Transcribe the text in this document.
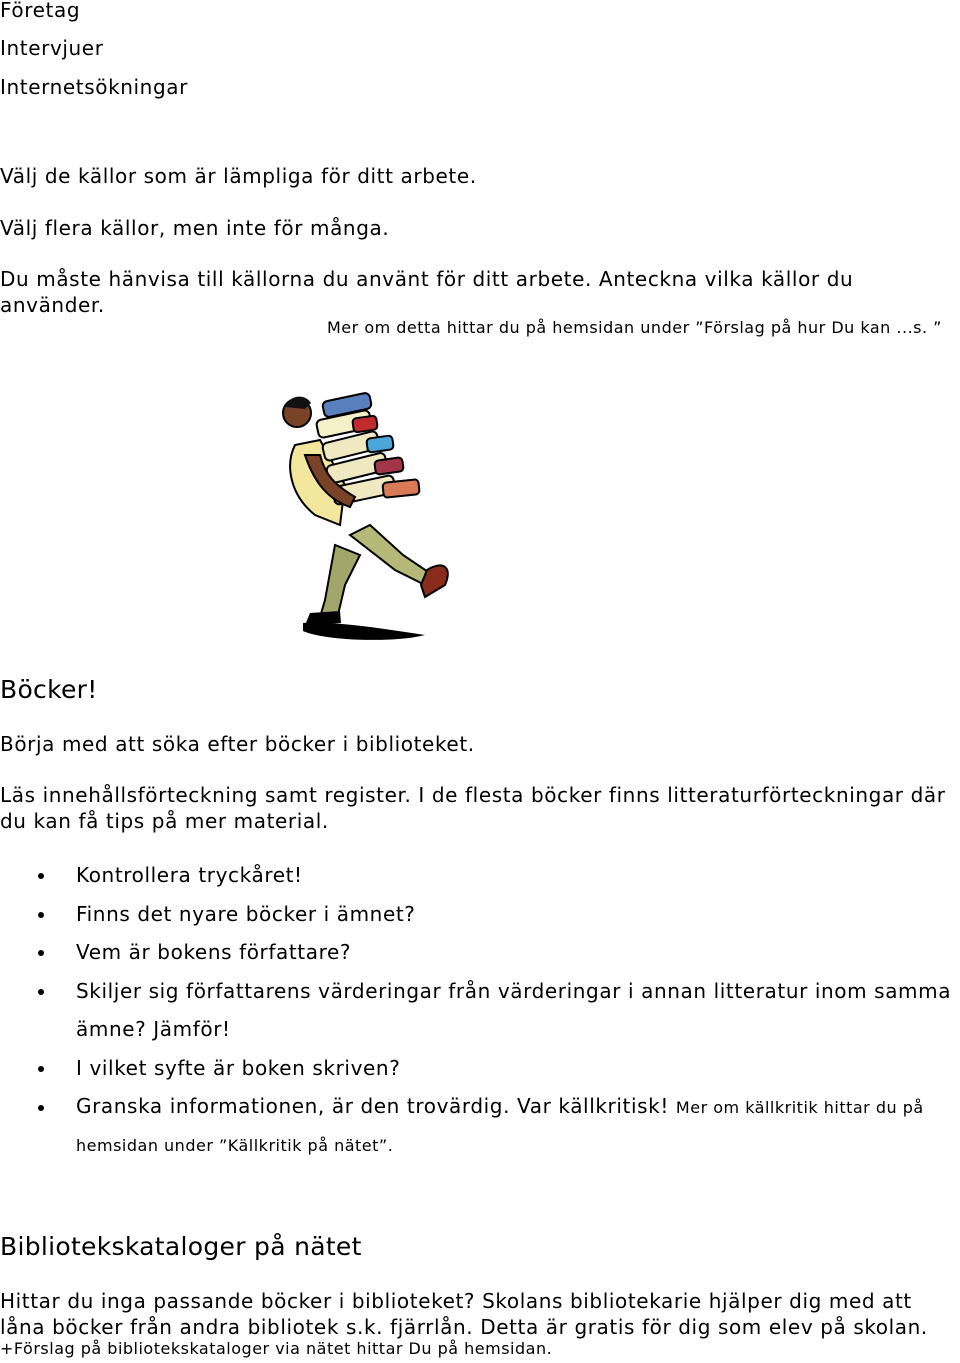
Företag
Intervjuer
Internetsökningar
Välj de källor som är lämpliga för ditt arbete.
Välj flera källor, men inte för många.
Du måste hänvisa till källorna du använt för ditt arbete. Anteckna vilka källor du använder.
Mer om detta hittar du på hemsidan under ”Förslag på hur Du kan ...s. ”
Böcker!
Börja med att söka efter böcker i biblioteket.
Läs innehållsförteckning samt register. I de flesta böcker finns litteraturförteckningar där du kan få tips på mer material.
Kontrollera tryckåret!
Finns det nyare böcker i ämnet?
Vem är bokens författare?
Skiljer sig författarens värderingar från värderingar i annan litteratur inom samma ämne? Jämför!
I vilket syfte är boken skriven?
Granska informationen, är den trovärdig. Var källkritisk! Mer om källkritik hittar du på hemsidan under ”Källkritik på nätet”.
Bibliotekskataloger på nätet
Hittar du inga passande böcker i biblioteket? Skolans bibliotekarie hjälper dig med att låna böcker från andra bibliotek s.k. fjärrlån. Detta är gratis för dig som elev på skolan.
+Förslag på bibliotekskataloger via nätet hittar Du på hemsidan.
